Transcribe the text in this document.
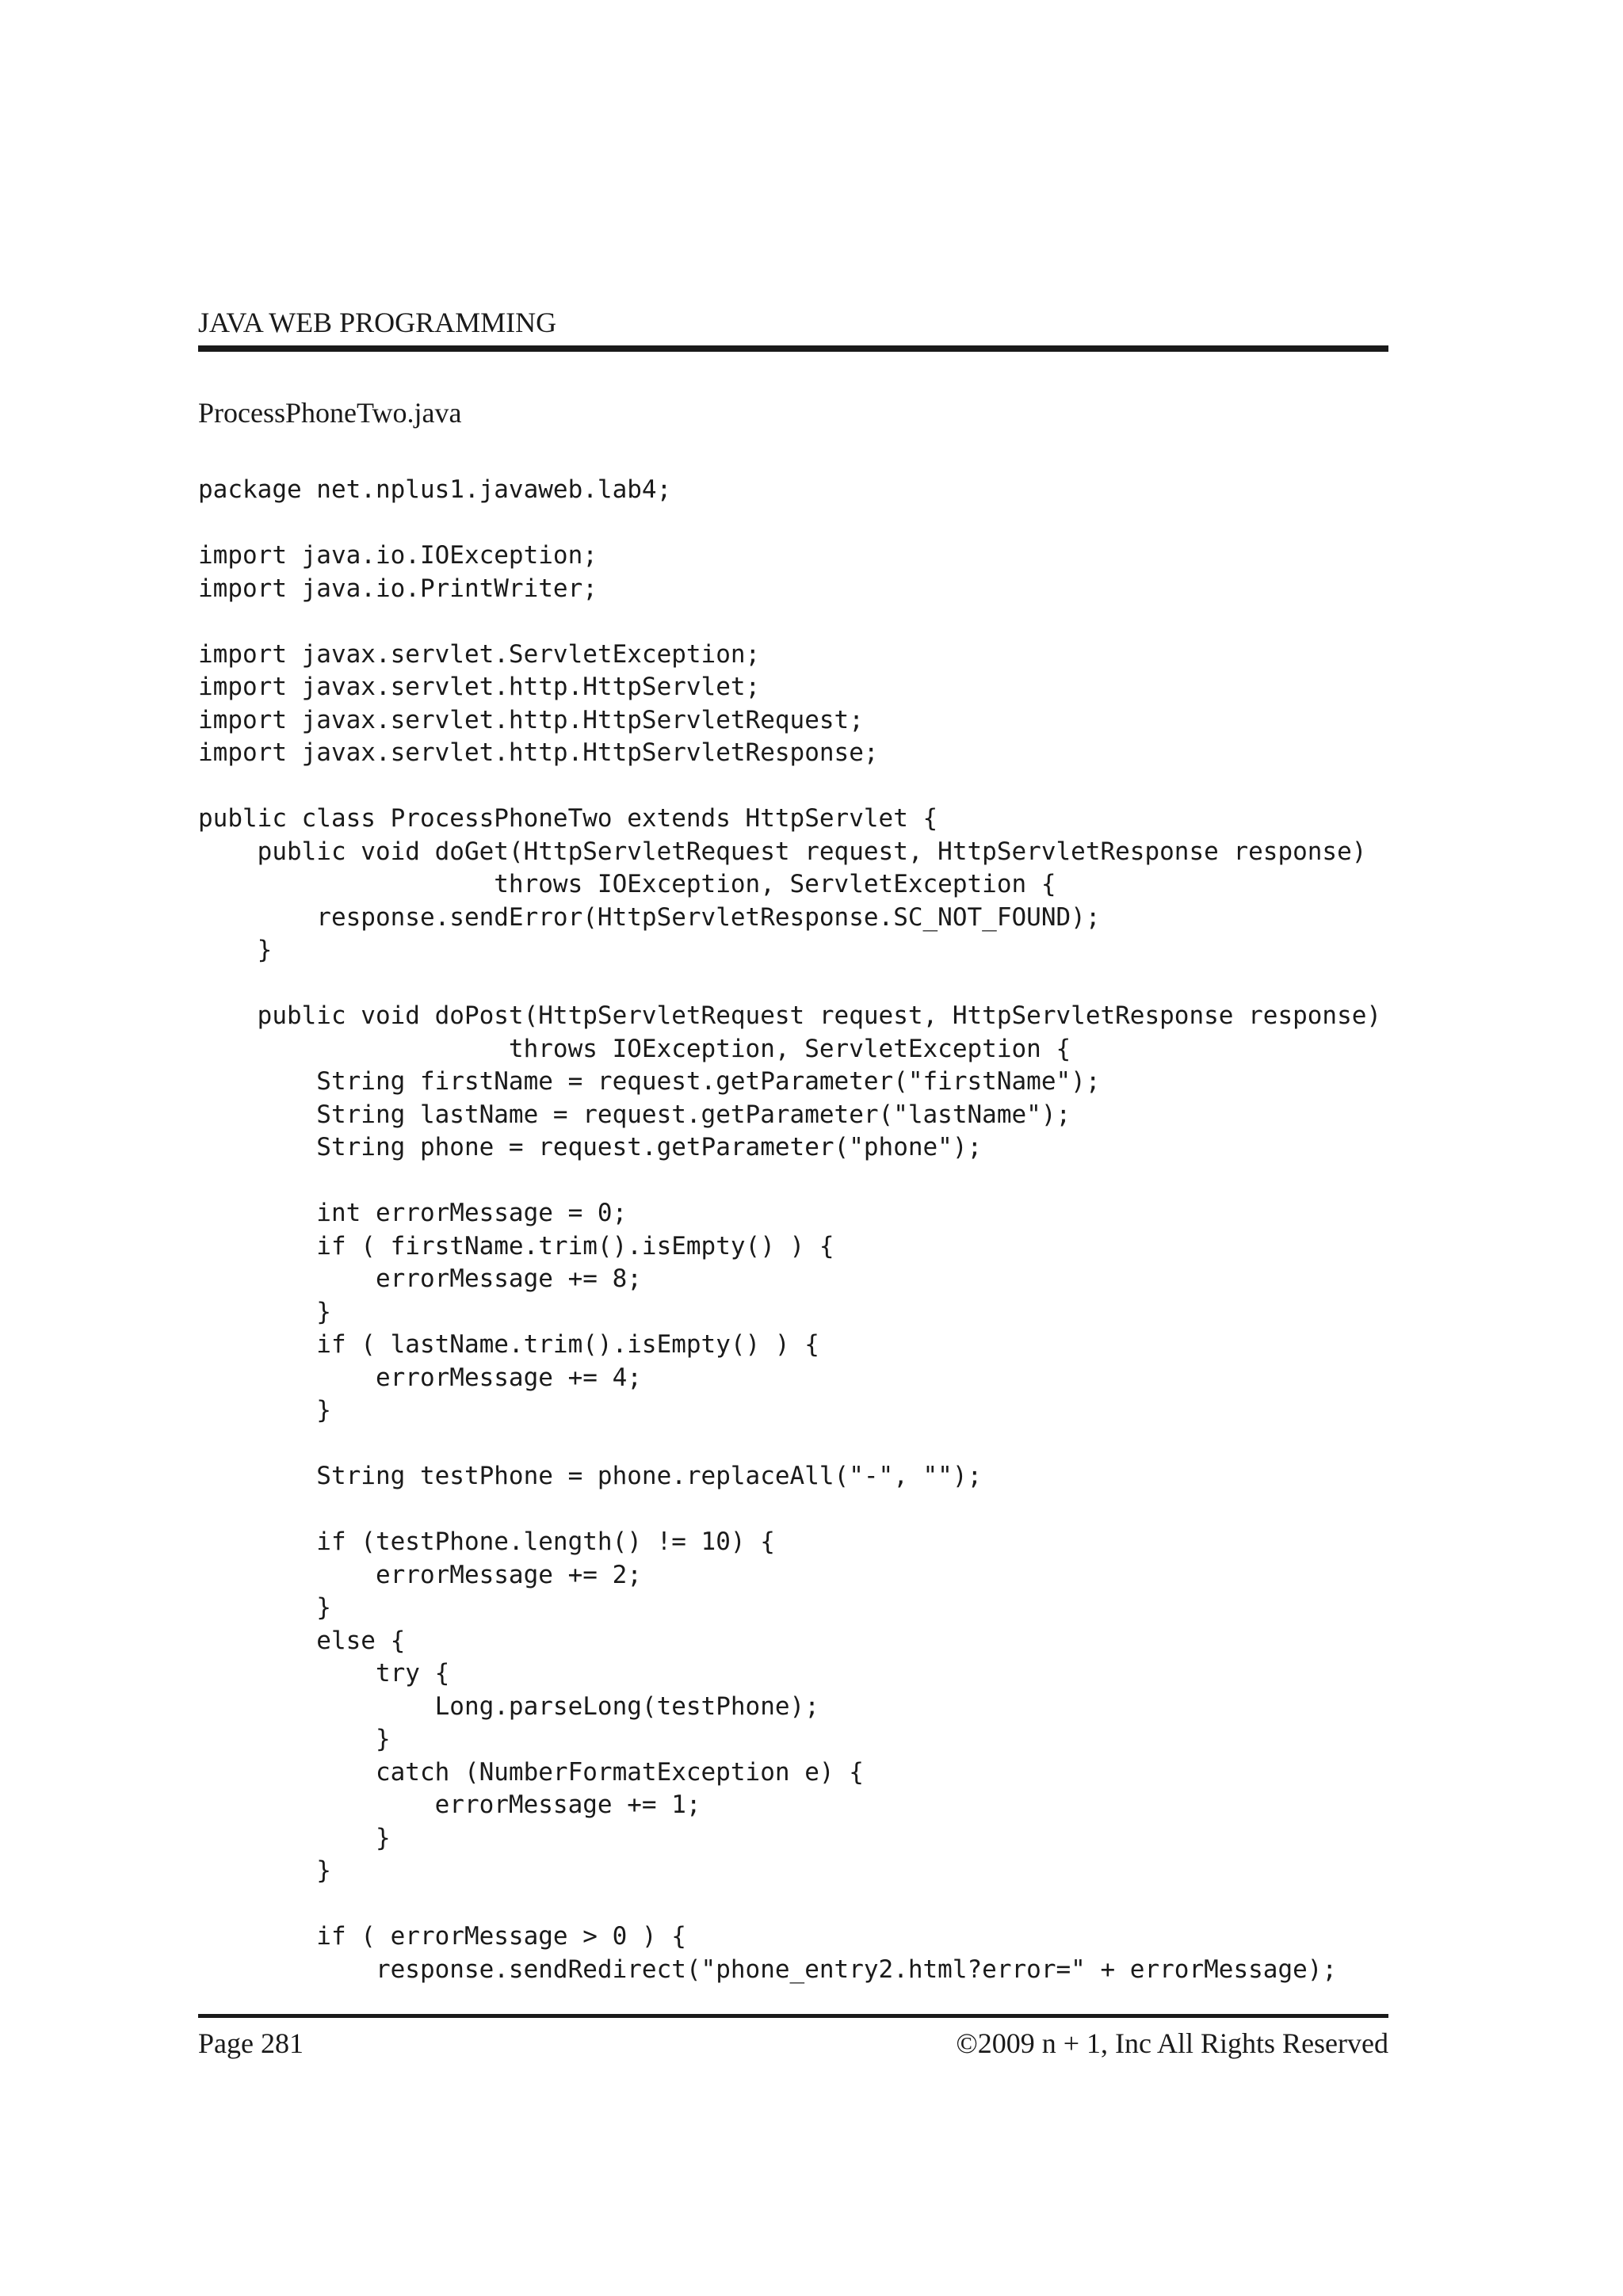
JAVA WEB PROGRAMMING
ProcessPhoneTwo.java
package net.nplus1.javaweb.lab4;
import java.io.IOException;
import java.io.PrintWriter;
import javax.servlet.ServletException;
import javax.servlet.http.HttpServlet;
import javax.servlet.http.HttpServletRequest;
import javax.servlet.http.HttpServletResponse;
public class ProcessPhoneTwo extends HttpServlet {
public void doGet(HttpServletRequest request, HttpServletResponse response)
throws IOException, ServletException {
response.sendError(HttpServletResponse.SC_NOT_FOUND);
}
public void doPost(HttpServletRequest request, HttpServletResponse response)
throws IOException, ServletException {
String firstName = request.getParameter("firstName");
String lastName = request.getParameter("lastName");
String phone = request.getParameter("phone");
int errorMessage = 0;
if ( firstName.trim().isEmpty() ) {
errorMessage += 8;
}
if ( lastName.trim().isEmpty() ) {
errorMessage += 4;
}
String testPhone = phone.replaceAll("-", "");
if (testPhone.length() != 10) {
errorMessage += 2;
}
else {
try {
Long.parseLong(testPhone);
}
catch (NumberFormatException e) {
errorMessage += 1;
}
}
if ( errorMessage > 0 ) {
response.sendRedirect("phone_entry2.html?error=" + errorMessage);
Page 281	©2009 n + 1, Inc All Rights Reserved
